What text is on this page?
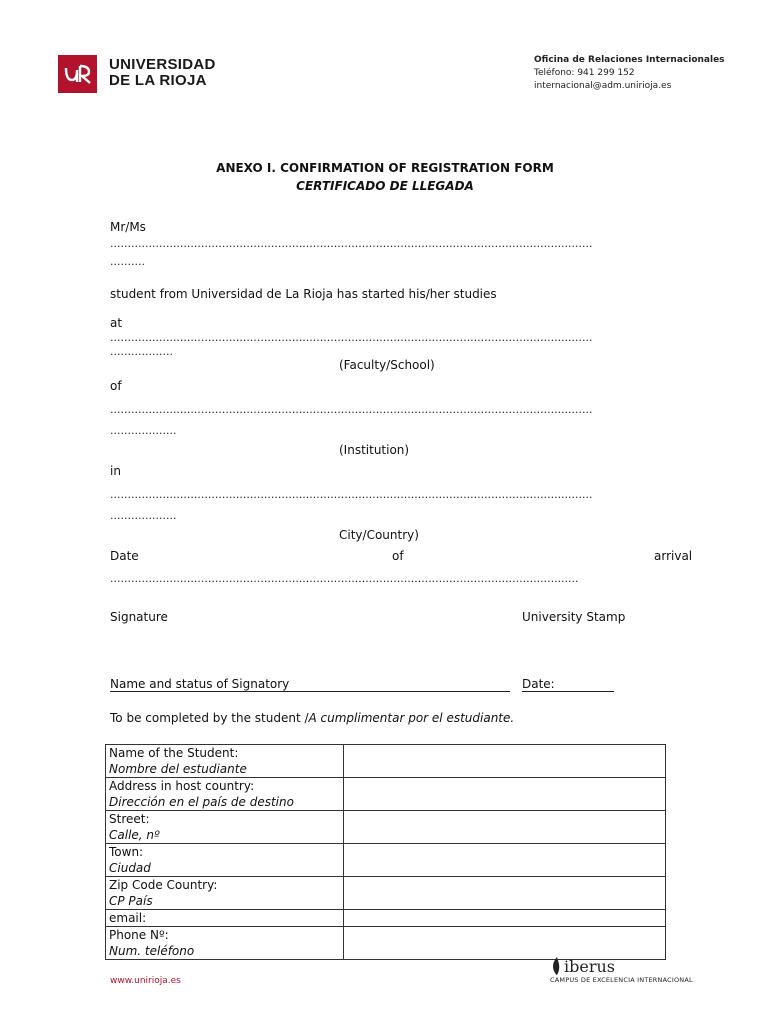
UNIVERSIDAD
DE LA RIOJA
Oficina de Relaciones Internacionales
Teléfono: 941 299 152
internacional@adm.unirioja.es
ANEXO I. CONFIRMATION OF REGISTRATION FORM
CERTIFICADO DE LLEGADA
Mr/Ms
..........................................................................................................................................
..........
student from Universidad de La Rioja has started his/her studies
at
..........................................................................................................................................
..................
(Faculty/School)
of
..........................................................................................................................................
...................
(Institution)
in
..........................................................................................................................................
...................
City/Country)
Date	of	arrival
......................................................................................................................................
Signature	University Stamp
Name and status of Signatory	Date:
To be completed by the student /A cumplimentar por el estudiante.
Name of the Student:
Nombre del estudiante	

Address in host country:
Dirección en el país de destino	

Street:
Calle, nº	

Town:
Ciudad	

Zip Code Country:
CP País	

email:	

Phone Nº:
Num. teléfono	

www.unirioja.es
iberus
CAMPUS DE EXCELENCIA INTERNACIONAL
